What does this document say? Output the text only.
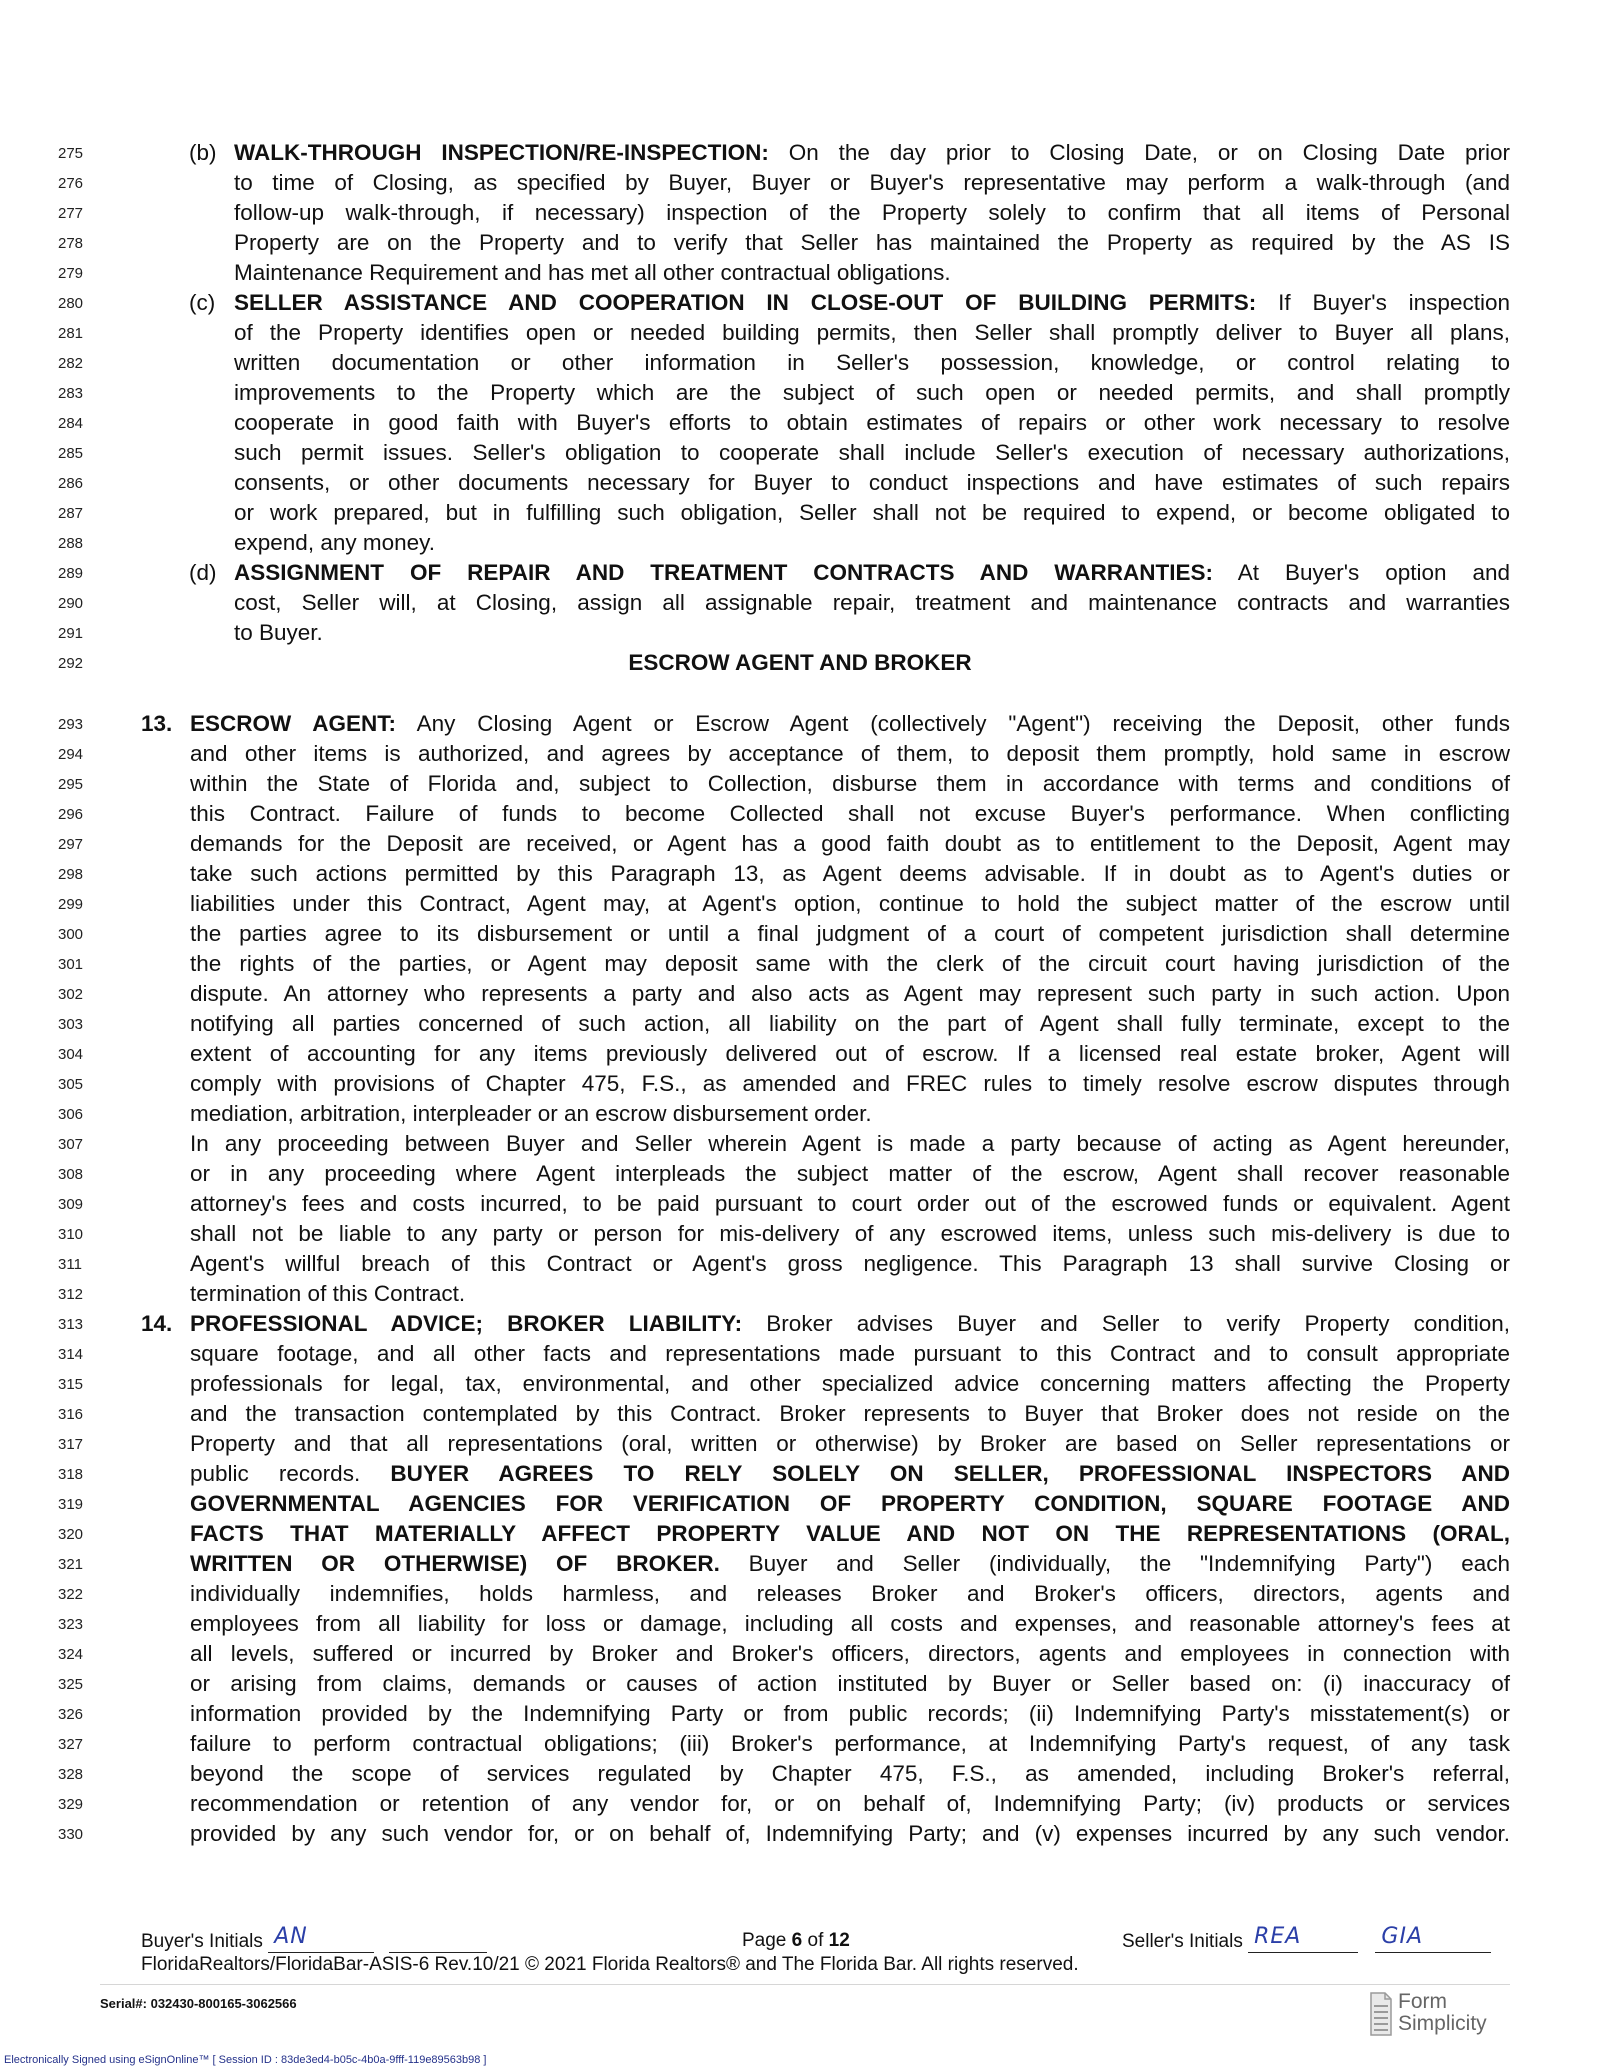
275	(b) WALK-THROUGH INSPECTION/RE-INSPECTION: On the day prior to Closing Date, or on Closing Date prior
276	to time of Closing, as specified by Buyer, Buyer or Buyer's representative may perform a walk-through (and
277	follow-up walk-through, if necessary) inspection of the Property solely to confirm that all items of Personal
278	Property are on the Property and to verify that Seller has maintained the Property as required by the AS IS
279	Maintenance Requirement and has met all other contractual obligations.
280	(c) SELLER ASSISTANCE AND COOPERATION IN CLOSE-OUT OF BUILDING PERMITS: If Buyer's inspection
281	of the Property identifies open or needed building permits, then Seller shall promptly deliver to Buyer all plans,
282	written documentation or other information in Seller's possession, knowledge, or control relating to
283	improvements to the Property which are the subject of such open or needed permits, and shall promptly
284	cooperate in good faith with Buyer's efforts to obtain estimates of repairs or other work necessary to resolve
285	such permit issues. Seller's obligation to cooperate shall include Seller's execution of necessary authorizations,
286	consents, or other documents necessary for Buyer to conduct inspections and have estimates of such repairs
287	or work prepared, but in fulfilling such obligation, Seller shall not be required to expend, or become obligated to
288	expend, any money.
289	(d) ASSIGNMENT OF REPAIR AND TREATMENT CONTRACTS AND WARRANTIES: At Buyer's option and
290	cost, Seller will, at Closing, assign all assignable repair, treatment and maintenance contracts and warranties
291	to Buyer.
292	ESCROW AGENT AND BROKER
293	13. ESCROW AGENT: Any Closing Agent or Escrow Agent (collectively "Agent") receiving the Deposit, other funds
294	and other items is authorized, and agrees by acceptance of them, to deposit them promptly, hold same in escrow
295	within the State of Florida and, subject to Collection, disburse them in accordance with terms and conditions of
296	this Contract. Failure of funds to become Collected shall not excuse Buyer's performance. When conflicting
297	demands for the Deposit are received, or Agent has a good faith doubt as to entitlement to the Deposit, Agent may
298	take such actions permitted by this Paragraph 13, as Agent deems advisable. If in doubt as to Agent's duties or
299	liabilities under this Contract, Agent may, at Agent's option, continue to hold the subject matter of the escrow until
300	the parties agree to its disbursement or until a final judgment of a court of competent jurisdiction shall determine
301	the rights of the parties, or Agent may deposit same with the clerk of the circuit court having jurisdiction of the
302	dispute. An attorney who represents a party and also acts as Agent may represent such party in such action. Upon
303	notifying all parties concerned of such action, all liability on the part of Agent shall fully terminate, except to the
304	extent of accounting for any items previously delivered out of escrow. If a licensed real estate broker, Agent will
305	comply with provisions of Chapter 475, F.S., as amended and FREC rules to timely resolve escrow disputes through
306	mediation, arbitration, interpleader or an escrow disbursement order.
307	In any proceeding between Buyer and Seller wherein Agent is made a party because of acting as Agent hereunder,
308	or in any proceeding where Agent interpleads the subject matter of the escrow, Agent shall recover reasonable
309	attorney's fees and costs incurred, to be paid pursuant to court order out of the escrowed funds or equivalent. Agent
310	shall not be liable to any party or person for mis-delivery of any escrowed items, unless such mis-delivery is due to
311	Agent's willful breach of this Contract or Agent's gross negligence. This Paragraph 13 shall survive Closing or
312	termination of this Contract.
313	14. PROFESSIONAL ADVICE; BROKER LIABILITY: Broker advises Buyer and Seller to verify Property condition,
314	square footage, and all other facts and representations made pursuant to this Contract and to consult appropriate
315	professionals for legal, tax, environmental, and other specialized advice concerning matters affecting the Property
316	and the transaction contemplated by this Contract. Broker represents to Buyer that Broker does not reside on the
317	Property and that all representations (oral, written or otherwise) by Broker are based on Seller representations or
318	public records. BUYER AGREES TO RELY SOLELY ON SELLER, PROFESSIONAL INSPECTORS AND
319	GOVERNMENTAL AGENCIES FOR VERIFICATION OF PROPERTY CONDITION, SQUARE FOOTAGE AND
320	FACTS THAT MATERIALLY AFFECT PROPERTY VALUE AND NOT ON THE REPRESENTATIONS (ORAL,
321	WRITTEN OR OTHERWISE) OF BROKER. Buyer and Seller (individually, the "Indemnifying Party") each
322	individually indemnifies, holds harmless, and releases Broker and Broker's officers, directors, agents and
323	employees from all liability for loss or damage, including all costs and expenses, and reasonable attorney's fees at
324	all levels, suffered or incurred by Broker and Broker's officers, directors, agents and employees in connection with
325	or arising from claims, demands or causes of action instituted by Buyer or Seller based on: (i) inaccuracy of
326	information provided by the Indemnifying Party or from public records; (ii) Indemnifying Party's misstatement(s) or
327	failure to perform contractual obligations; (iii) Broker's performance, at Indemnifying Party's request, of any task
328	beyond the scope of services regulated by Chapter 475, F.S., as amended, including Broker's referral,
329	recommendation or retention of any vendor for, or on behalf of, Indemnifying Party; (iv) products or services
330	provided by any such vendor for, or on behalf of, Indemnifying Party; and (v) expenses incurred by any such vendor.
Buyer's Initials AN
	Page 6 of 12	Seller's Initials REA
	GIA
FloridaRealtors/FloridaBar-ASIS-6 Rev.10/21 © 2021 Florida Realtors® and The Florida Bar. All rights reserved.
Serial#: 032430-800165-3062566	Form
Simplicity
Electronically Signed using eSignOnline™ [ Session ID : 83de3ed4-b05c-4b0a-9fff-119e89563b98 ]
